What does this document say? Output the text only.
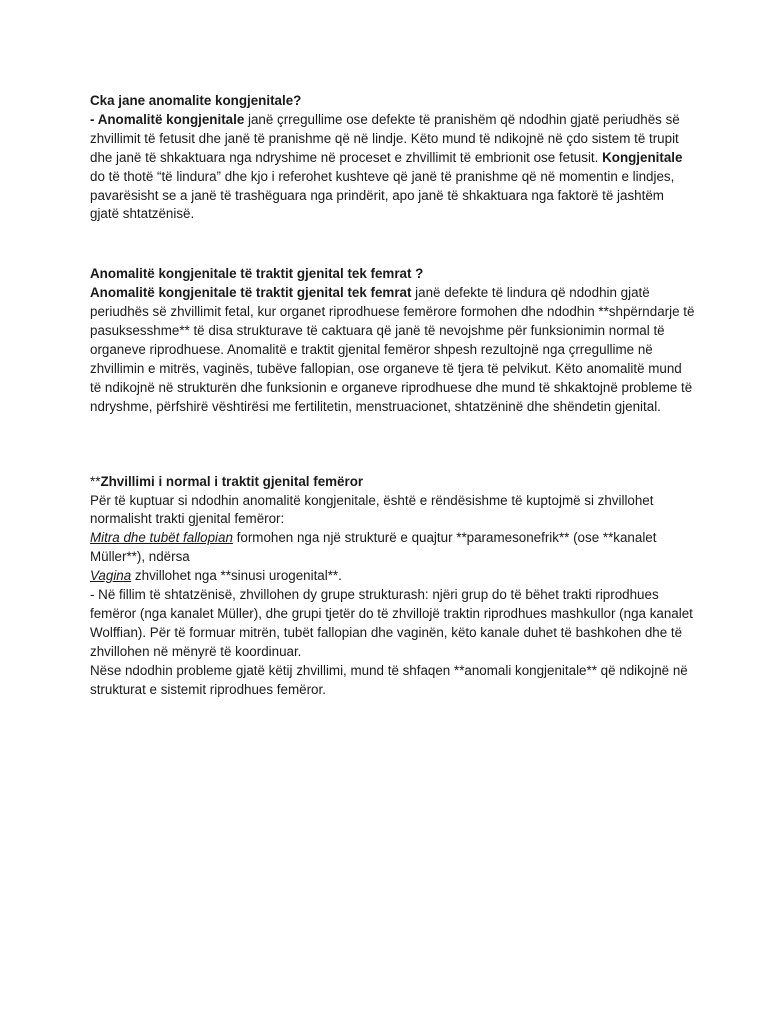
Cka jane anomalite kongjenitale?
- Anomalitë kongjenitale janë çrregullime ose defekte të pranishëm që ndodhin gjatë periudhës së zhvillimit të fetusit dhe janë të pranishme që në lindje. Këto mund të ndikojnë në çdo sistem të trupit dhe janë të shkaktuara nga ndryshime në proceset e zhvillimit të embrionit ose fetusit. Kongjenitale do të thotë “të lindura” dhe kjo i referohet kushteve që janë të pranishme që në momentin e lindjes, pavarësisht se a janë të trashëguara nga prindërit, apo janë të shkaktuara nga faktorë të jashtëm gjatë shtatzënisë.

Anomalitë kongjenitale të traktit gjenital tek femrat ?
Anomalitë kongjenitale të traktit gjenital tek femrat janë defekte të lindura që ndodhin gjatë periudhës së zhvillimit fetal, kur organet riprodhuese femërore formohen dhe ndodhin **shpërndarje të pasuksesshme** të disa strukturave të caktuara që janë të nevojshme për funksionimin normal të organeve riprodhuese. Anomalitë e traktit gjenital femëror shpesh rezultojnë nga çrregullime në zhvillimin e mitrës, vaginës, tubëve fallopian, ose organeve të tjera të pelvikut. Këto anomalitë mund të ndikojnë në strukturën dhe funksionin e organeve riprodhuese dhe mund të shkaktojnë probleme të ndryshme, përfshirë vështirësi me fertilitetin, menstruacionet, shtatzëninë dhe shëndetin gjenital.

**Zhvillimi i normal i traktit gjenital femëror
Për të kuptuar si ndodhin anomalitë kongjenitale, është e rëndësishme të kuptojmë si zhvillohet normalisht trakti gjenital femëror:
Mitra dhe tubët fallopian formohen nga një strukturë e quajtur **paramesonefrik** (ose **kanalet Müller**), ndërsa
Vagina zhvillohet nga **sinusi urogenital**.
- Në fillim të shtatzënisë, zhvillohen dy grupe strukturash: njëri grup do të bëhet trakti riprodhues femëror (nga kanalet Müller), dhe grupi tjetër do të zhvillojë traktin riprodhues mashkullor (nga kanalet Wolffian). Për të formuar mitrën, tubët fallopian dhe vaginën, këto kanale duhet të bashkohen dhe të zhvillohen në mënyrë të koordinuar.
Nëse ndodhin probleme gjatë këtij zhvillimi, mund të shfaqen **anomali kongjenitale** që ndikojnë në strukturat e sistemit riprodhues femëror.
